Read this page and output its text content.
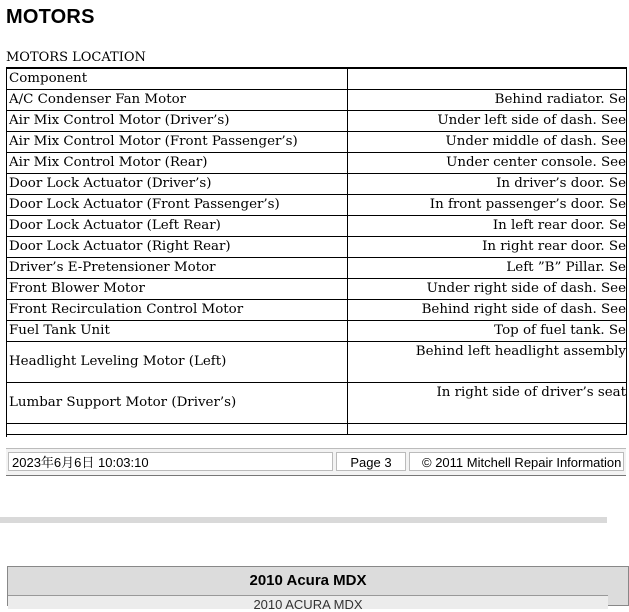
MOTORS
MOTORS LOCATION
Component	
A/C Condenser Fan Motor	Behind radiator. Se
Air Mix Control Motor (Driver’s)	Under left side of dash. See
Air Mix Control Motor (Front Passenger’s)	Under middle of dash. See
Air Mix Control Motor (Rear)	Under center console. See
Door Lock Actuator (Driver’s)	In driver’s door. Se
Door Lock Actuator (Front Passenger’s)	In front passenger’s door. Se
Door Lock Actuator (Left Rear)	In left rear door. Se
Door Lock Actuator (Right Rear)	In right rear door. Se
Driver’s E-Pretensioner Motor	Left ”B” Pillar. Se
Front Blower Motor	Under right side of dash. See
Front Recirculation Control Motor	Behind right side of dash. See
Fuel Tank Unit	Top of fuel tank. Se
Headlight Leveling Motor (Left)	Behind left headlight assembly
Lumbar Support Motor (Driver’s)	In right side of driver’s seat

2023年6月6日 10:03:10	Page 3	© 2011 Mitchell Repair Information
2010 Acura MDX
2010 ACURA MDX
